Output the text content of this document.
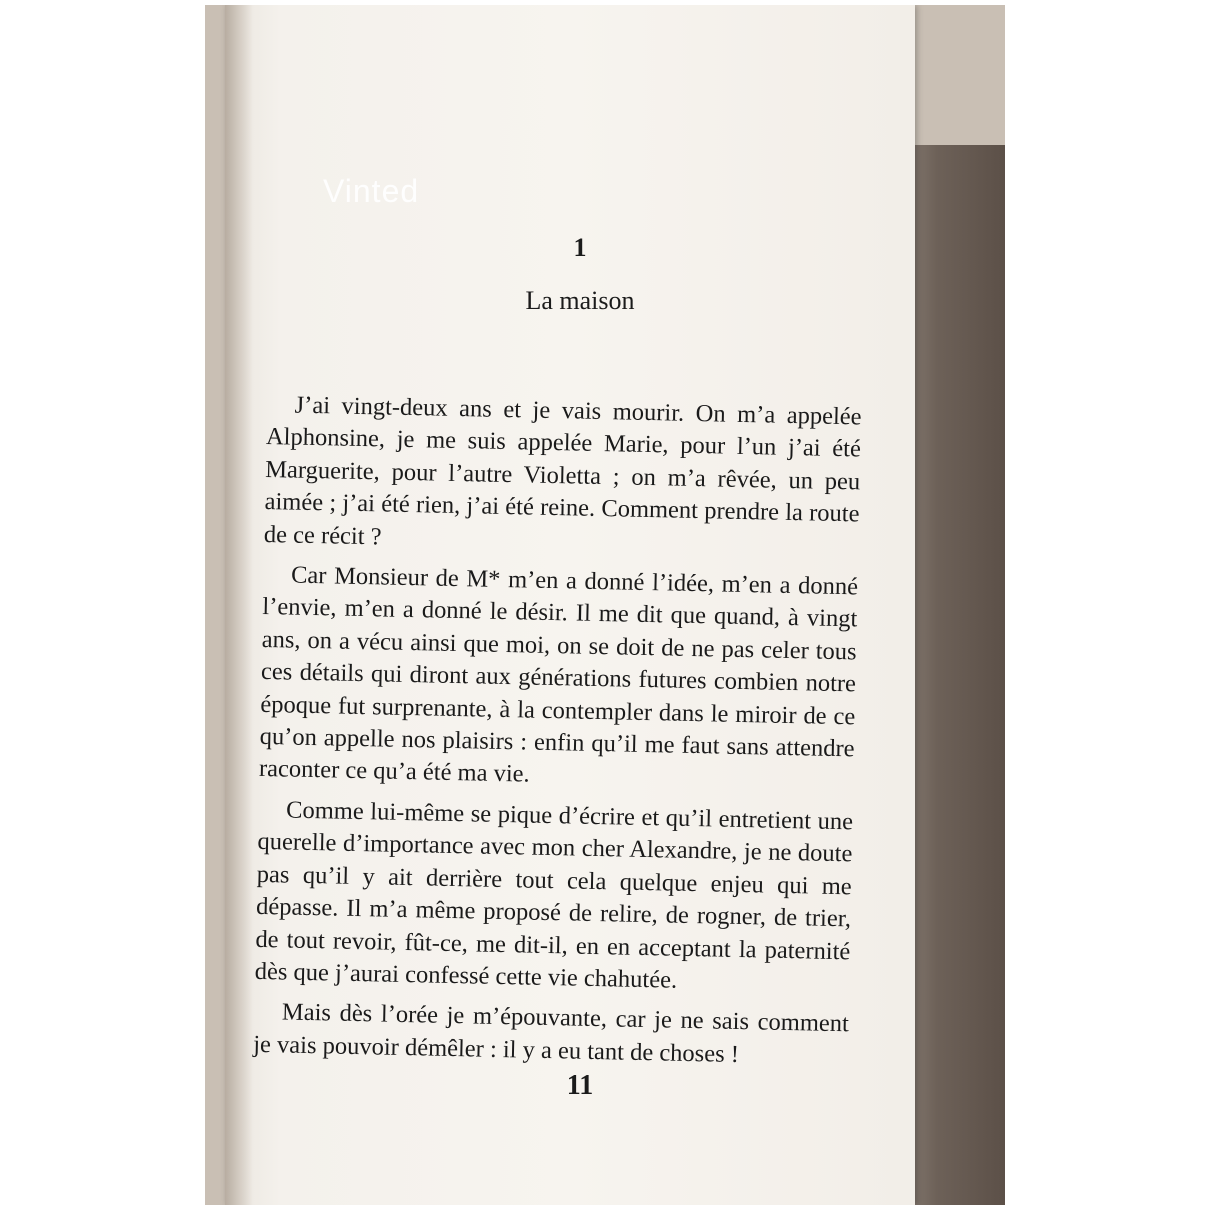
Vinted
1
La maison

J’ai vingt-deux ans et je vais mourir. On m’a appelée Alphonsine, je me suis appelée Marie, pour l’un j’ai été Marguerite, pour l’autre Violetta ; on m’a rêvée, un peu aimée ; j’ai été rien, j’ai été reine. Comment prendre la route de ce récit ?

Car Monsieur de M* m’en a donné l’idée, m’en a donné l’envie, m’en a donné le désir. Il me dit que quand, à vingt ans, on a vécu ainsi que moi, on se doit de ne pas celer tous ces détails qui diront aux générations futures combien notre époque fut surprenante, à la contempler dans le miroir de ce qu’on appelle nos plaisirs : enfin qu’il me faut sans attendre raconter ce qu’a été ma vie.

Comme lui-même se pique d’écrire et qu’il entretient une querelle d’importance avec mon cher Alexandre, je ne doute pas qu’il y ait derrière tout cela quelque enjeu qui me dépasse. Il m’a même proposé de relire, de rogner, de trier, de tout revoir, fût-ce, me dit-il, en en acceptant la paternité dès que j’aurai confessé cette vie chahutée.

Mais dès l’orée je m’épouvante, car je ne sais comment je vais pouvoir démêler : il y a eu tant de choses !

11
